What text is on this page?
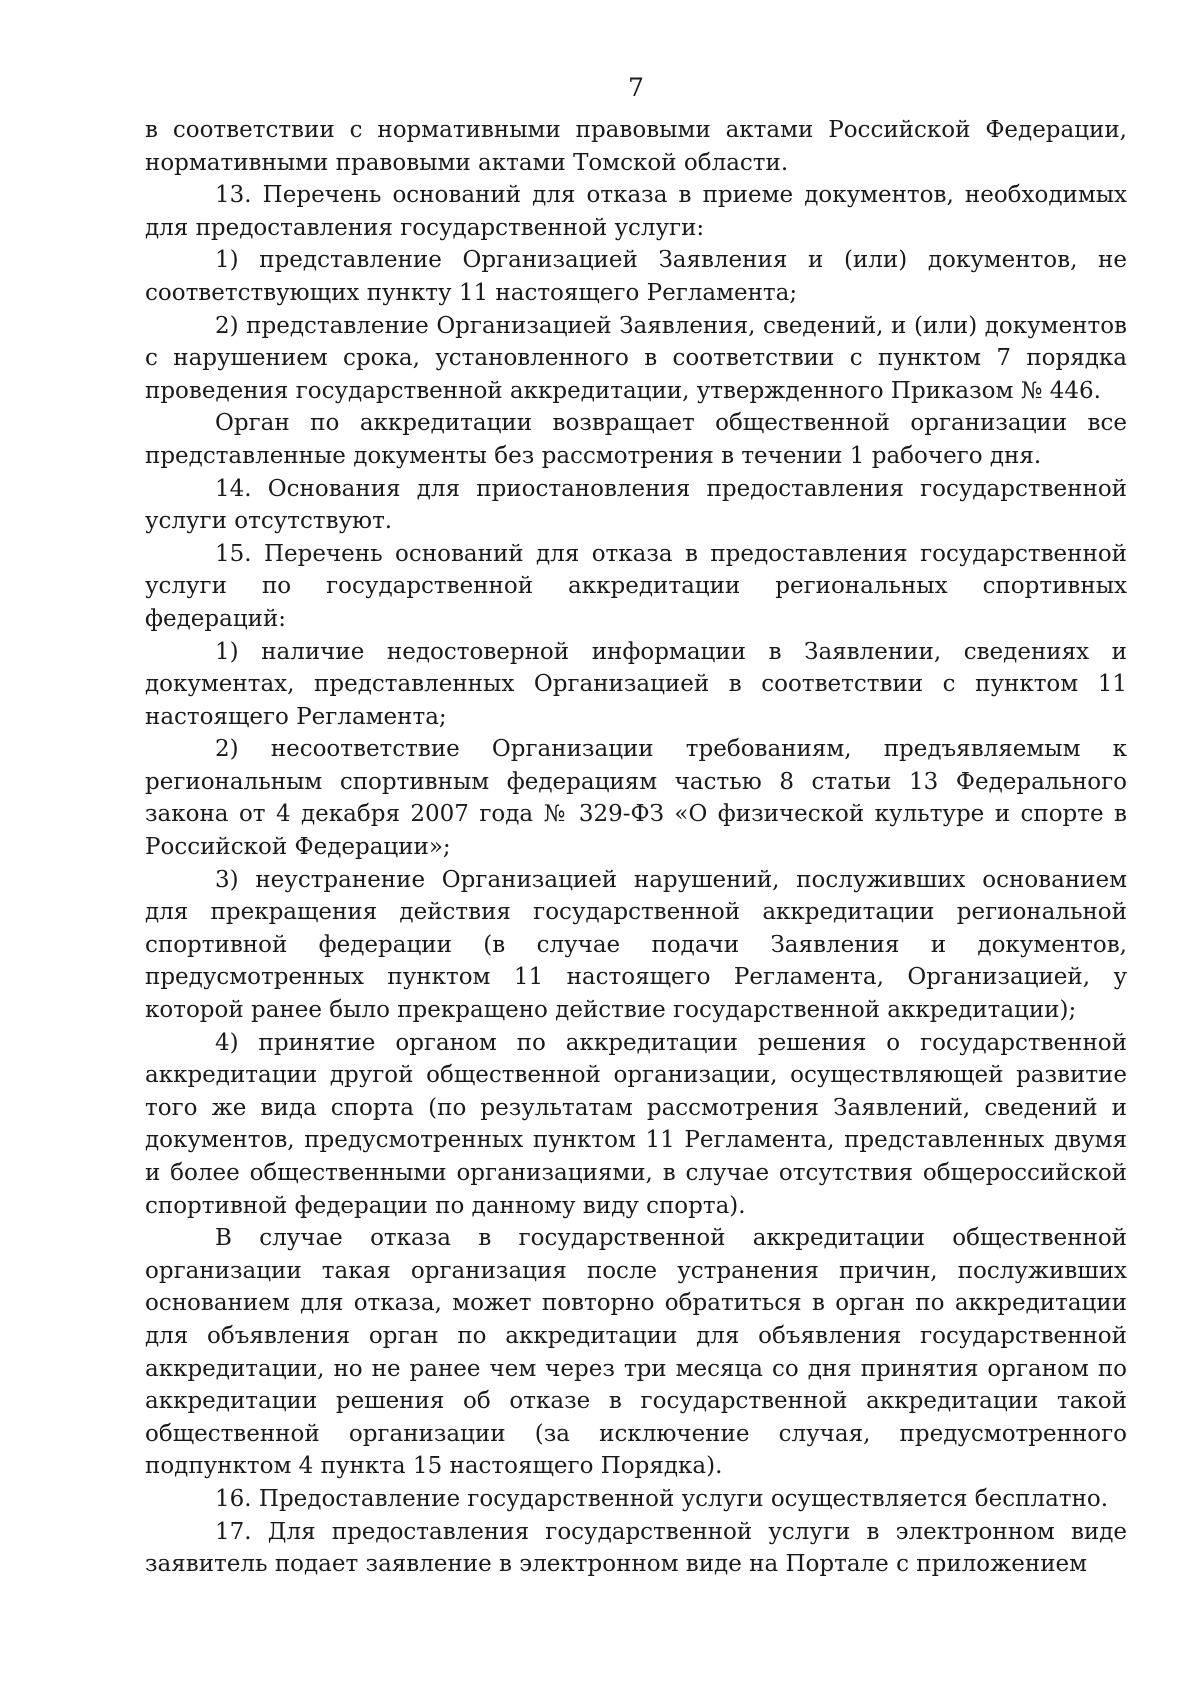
7

в соответствии с нормативными правовыми актами Российской Федерации, нормативными правовыми актами Томской области.

13. Перечень оснований для отказа в приеме документов, необходимых для предоставления государственной услуги:

1) представление Организацией Заявления и (или) документов, не соответствующих пункту 11 настоящего Регламента;

2) представление Организацией Заявления, сведений, и (или) документов с нарушением срока, установленного в соответствии с пунктом 7 порядка проведения государственной аккредитации, утвержденного Приказом № 446.

Орган по аккредитации возвращает общественной организации все представленные документы без рассмотрения в течении 1 рабочего дня.

14. Основания для приостановления предоставления государственной услуги отсутствуют.

15. Перечень оснований для отказа в предоставления государственной услуги по государственной аккредитации региональных спортивных федераций:

1) наличие недостоверной информации в Заявлении, сведениях и документах, представленных Организацией в соответствии с пунктом 11 настоящего Регламента;

2) несоответствие Организации требованиям, предъявляемым к региональным спортивным федерациям частью 8 статьи 13 Федерального закона от 4 декабря 2007 года № 329-ФЗ «О физической культуре и спорте в Российской Федерации»;

3) неустранение Организацией нарушений, послуживших основанием для прекращения действия государственной аккредитации региональной спортивной федерации (в случае подачи Заявления и документов, предусмотренных пунктом 11 настоящего Регламента, Организацией, у которой ранее было прекращено действие государственной аккредитации);

4) принятие органом по аккредитации решения о государственной аккредитации другой общественной организации, осуществляющей развитие того же вида спорта (по результатам рассмотрения Заявлений, сведений и документов, предусмотренных пунктом 11 Регламента, представленных двумя и более общественными организациями, в случае отсутствия общероссийской спортивной федерации по данному виду спорта).

В случае отказа в государственной аккредитации общественной организации такая организация после устранения причин, послуживших основанием для отказа, может повторно обратиться в орган по аккредитации для объявления орган по аккредитации для объявления государственной аккредитации, но не ранее чем через три месяца со дня принятия органом по аккредитации решения об отказе в государственной аккредитации такой общественной организации (за исключение случая, предусмотренного подпунктом 4 пункта 15 настоящего Порядка).

16. Предоставление государственной услуги осуществляется бесплатно.

17. Для предоставления государственной услуги в электронном виде заявитель подает заявление в электронном виде на Портале с приложением
